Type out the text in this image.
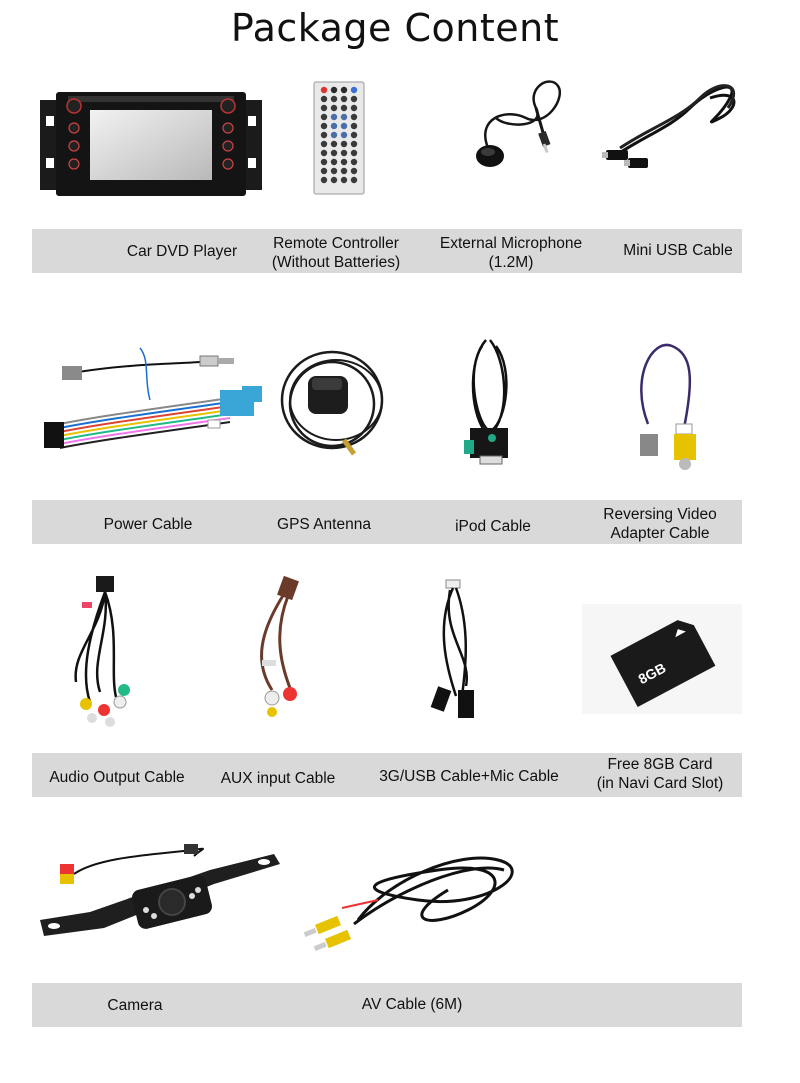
Package Content
8GB
Car DVD Player	Remote Controller
(Without Batteries)
External Microphone
(1.2M)
Mini USB Cable
Power Cable	GPS Antenna	iPod Cable
Reversing Video
Adapter Cable
Audio Output Cable	AUX input Cable	3G/USB Cable+Mic Cable
Free 8GB Card
(in Navi Card Slot)
Camera	AV Cable (6M)
